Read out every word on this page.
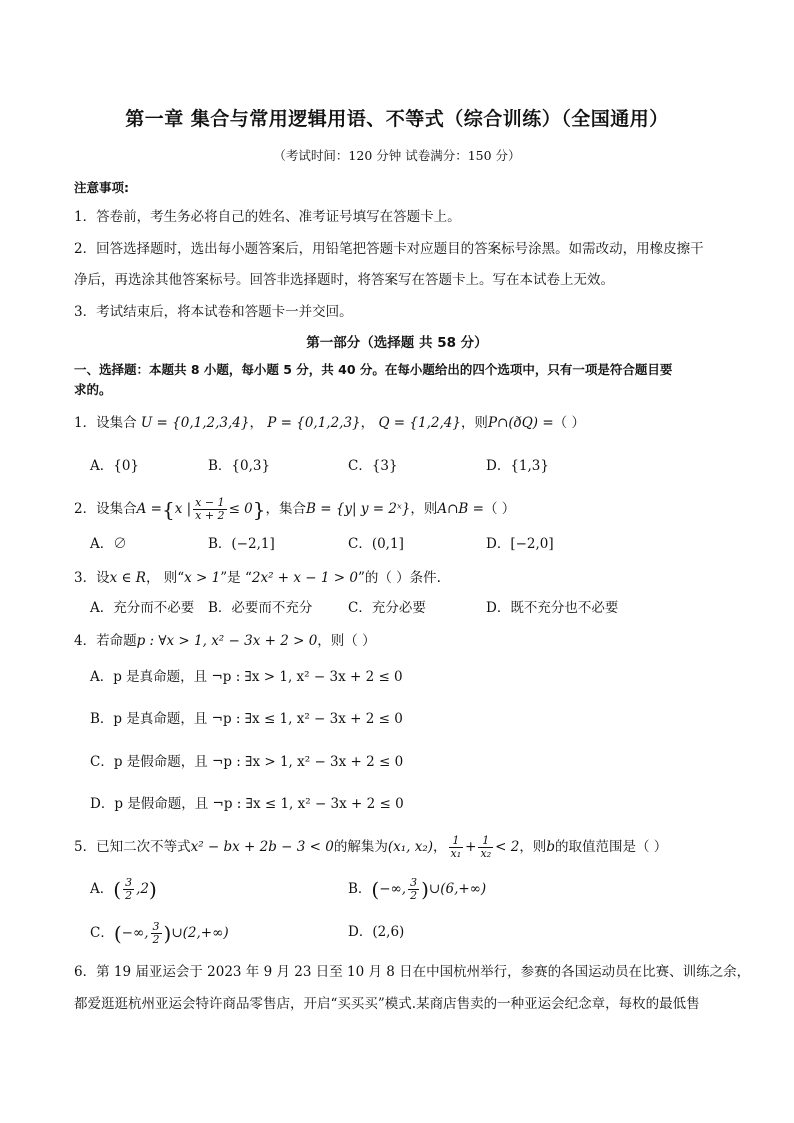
第一章 集合与常用逻辑用语、不等式（综合训练）（全国通用）
（考试时间：120 分钟 试卷满分：150 分）
注意事项:
1．答卷前，考生务必将自己的姓名、准考证号填写在答题卡上。
2．回答选择题时，选出每小题答案后，用铅笔把答题卡对应题目的答案标号涂黑。如需改动，用橡皮擦干
净后，再选涂其他答案标号。回答非选择题时，将答案写在答题卡上。写在本试卷上无效。
3．考试结束后，将本试卷和答题卡一并交回。
第一部分（选择题 共 58 分）
一、选择题：本题共 8 小题，每小题 5 分，共 40 分。在每小题给出的四个选项中，只有一项是符合题目要
求的。
1．设集合 U = {0,1,2,3,4}， P = {0,1,2,3}， Q = {1,2,4}，则P∩(ðQ) =（ ）
A．{0}	B．{0,3}	C．{3}	D．{1,3}
2．设集合A ={x | $\frac{x - 1}{x + 2} \le 0$}，集合B = {y| y = 2ˣ}，则A∩B =（ ）
A．∅	B．(−2,1]	C．(0,1]	D．[−2,0]
3．设x ∈ R， 则“x > 1”是 “2x² + x − 1 > 0”的（ ）条件.
A．充分而不必要 B．必要而不充分	C．充分必要	D．既不充分也不必要
4．若命题p : ∀x > 1, x² − 3x + 2 > 0，则（ ）
A．p 是真命题，且 ¬p : ∃x > 1, x² − 3x + 2 ≤ 0
B．p 是真命题，且 ¬p : ∃x ≤ 1, x² − 3x + 2 ≤ 0
C．p 是假命题，且 ¬p : ∃x > 1, x² − 3x + 2 ≤ 0
D．p 是假命题，且 ¬p : ∃x ≤ 1, x² − 3x + 2 ≤ 0
5．已知二次不等式x² − bx + 2b − 3 < 0的解集为(x₁, x₂)， $\frac{1}{\text{x₁}} + \frac{1}{\text{x₂}} < 2$，则b的取值范围是（ ）
A．( $\frac{3}{2} ,2$)	B．(−∞, $\frac{3}{2}$ )∪(6,+∞)
C．(−∞, $\frac{3}{2}$ )∪(2,+∞)	D．(2,6)
6．第 19 届亚运会于 2023 年 9 月 23 日至 10 月 8 日在中国杭州举行，参赛的各国运动员在比赛、训练之余，
都爱逛逛杭州亚运会特许商品零售店，开启“买买买”模式.某商店售卖的一种亚运会纪念章，每枚的最低售
